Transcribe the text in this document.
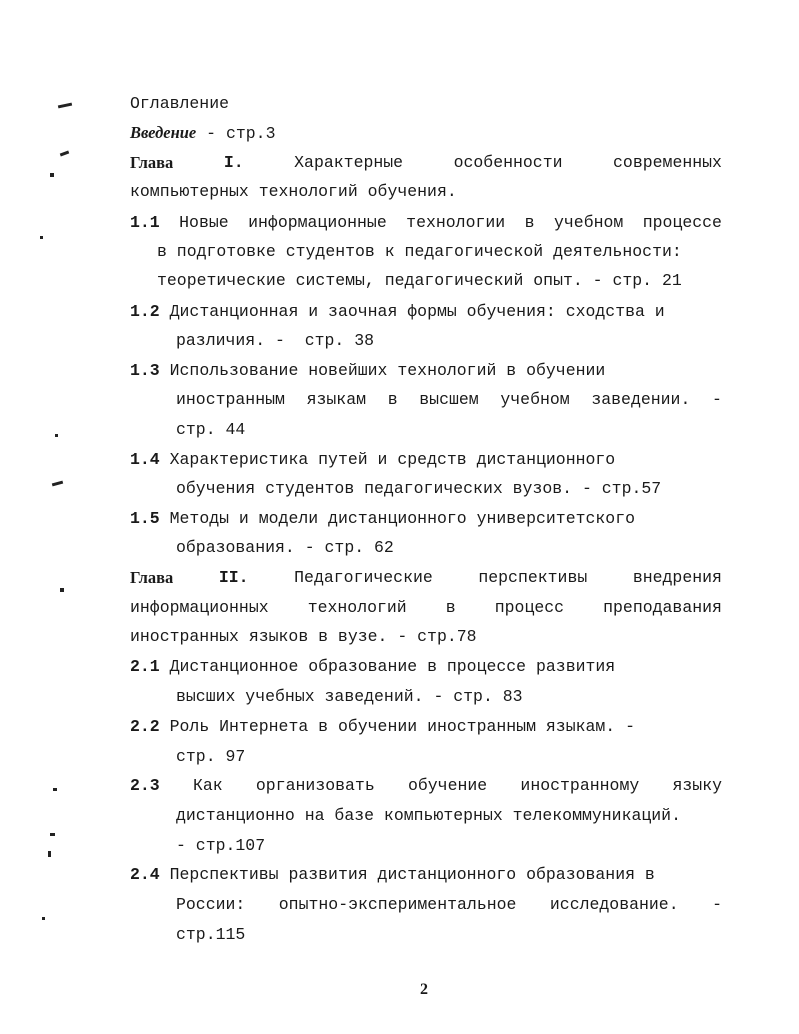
Оглавление
Введение - стр.3
Глава	I.	Характерные	особенности	современных
компьютерных технологий обучения.
1.1 Новые информационные технологии в учебном процессе
в подготовке студентов к педагогической деятельности:
теоретические системы, педагогический опыт. - стр. 21
1.2 Дистанционная и заочная формы обучения: сходства и
различия. -  стр. 38
1.3 Использование новейших технологий в обучении
иностранным языкам в высшем учебном заведении. -
стр. 44
1.4 Характеристика путей и средств дистанционного
обучения студентов педагогических вузов. - стр.57
1.5 Методы и модели дистанционного университетского
образования. - стр. 62
Глава	II.	Педагогические	перспективы	внедрения
информационных технологий в процесс преподавания
иностранных языков в вузе. - стр.78
2.1 Дистанционное образование в процессе развития
высших учебных заведений. - стр. 83
2.2 Роль Интернета в обучении иностранным языкам. -
стр. 97
2.3 Как организовать обучение иностранному языку
дистанционно на базе компьютерных телекоммуникаций.
- стр.107
2.4 Перспективы развития дистанционного образования в
России: опытно-экспериментальное исследование. -
стр.115
2
